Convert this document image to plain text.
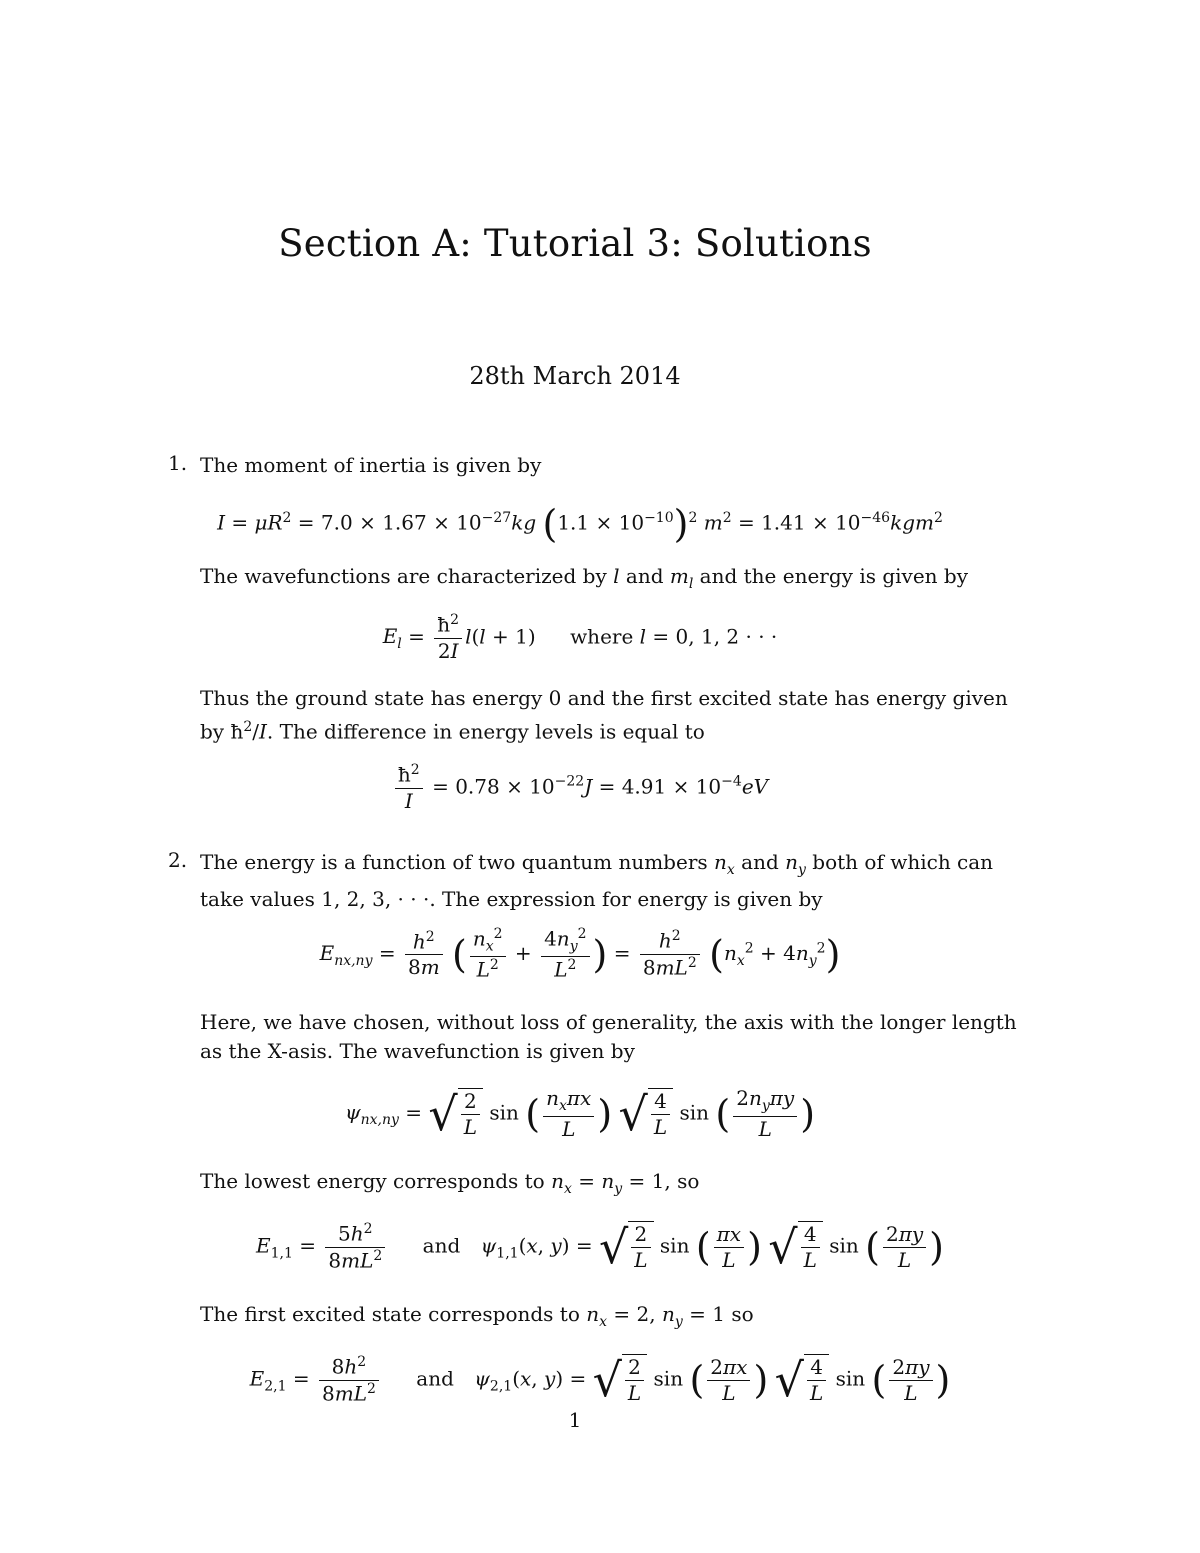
Section A: Tutorial 3: Solutions
28th March 2014
1. The moment of inertia is given by
$I = \mu R^2 = 7.0 \times 1.67 \times 10^{-27}kg$ $(1.1 \times 10^{-10})^2$ $m^2 = 1.41 \times 10^{-46}kgm^2$
The wavefunctions are characterized by l and $m_l$ and the energy is given by
$E_l = \frac{ħ^2}{2I} l(l + 1)$ where l = 0, 1, 2 · · ·
Thus the ground state has energy 0 and the first excited state has energy given
by $ħ^2/I$. The difference in energy levels is equal to
$\frac{ħ^2}{I} = 0.78 \times 10^{-22}J = 4.91 \times 10^{-4}eV$
2. The energy is a function of two quantum numbers $n_x$ and $n_y$ both of which can
take values 1, 2, 3, · · ·. The expression for energy is given by
$E_{nx,ny} = \frac{h^2}{8m}$ ( $\frac{n_x^2}{L^2} + \frac{4n_y^2}{L^2}$ ) = $\frac{h^2}{8mL^2} (n_x^2 + 4n_y^2)$
Here, we have chosen, without loss of generality, the axis with the longer length
as the X-asis. The wavefunction is given by
$\psi_{nx,ny}$ = √ $\frac{2}{L}$ sin ( $\frac{n_x\pi x}{L}$ ) √ $\frac{4}{L}$ sin ( $\frac{2n_y\pi y}{L}$ )
The lowest energy corresponds to $n_x = n_y = 1$, so
$E_{1,1} = \frac{5h^2}{8mL^2}$ and $\psi_{1,1}(x$, y) = √ $\frac{2}{L}$ sin ( $\frac{\pi x}{L}$ ) √ $\frac{4}{L}$ sin ( $\frac{2\pi y}{L}$ )
The first excited state corresponds to $n_x = 2$, $n_y = 1$ so
$E_{2,1} = \frac{8h^2}{8mL^2}$ and $\psi_{2,1}(x$, y) = √ $\frac{2}{L}$ sin ( $\frac{2\pi x}{L}$ ) √ $\frac{4}{L}$ sin ( $\frac{2\pi y}{L}$ )
1
